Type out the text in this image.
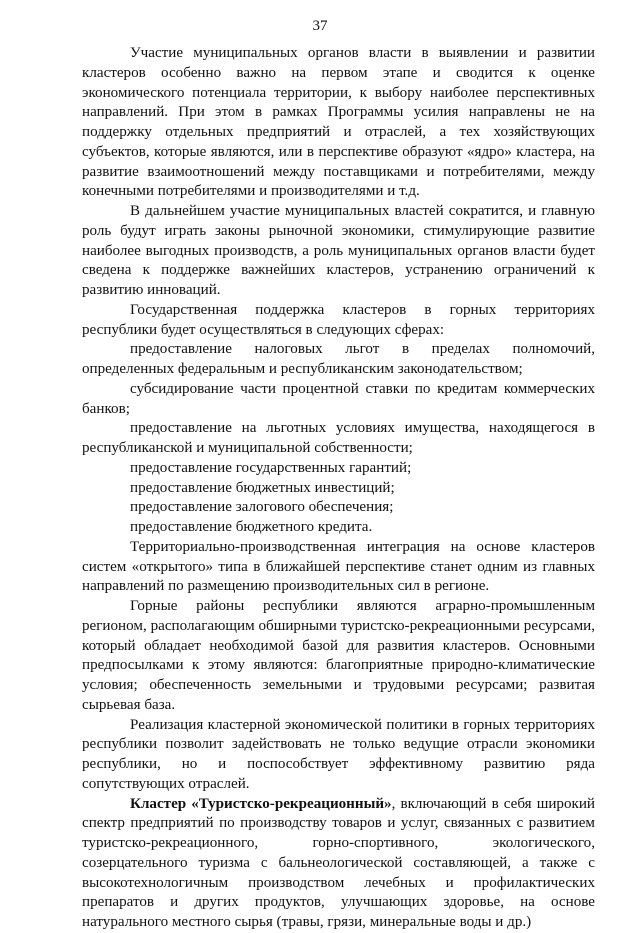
37

Участие муниципальных органов власти в выявлении и развитии кластеров особенно важно на первом этапе и сводится к оценке экономического потенциала территории, к выбору наиболее перспективных направлений. При этом в рамках Программы усилия направлены не на поддержку отдельных предприятий и отраслей, а тех хозяйствующих субъектов, которые являются, или в перспективе образуют «ядро» кластера, на развитие взаимоотношений между поставщиками и потребителями, между конечными потребителями и производителями и т.д.

В дальнейшем участие муниципальных властей сократится, и главную роль будут играть законы рыночной экономики, стимулирующие развитие наиболее выгодных производств, а роль муниципальных органов власти будет сведена к поддержке важнейших кластеров, устранению ограничений к развитию инноваций.

Государственная поддержка кластеров в горных территориях республики будет осуществляться в следующих сферах:

предоставление налоговых льгот в пределах полномочий, определенных федеральным и республиканским законодательством;

субсидирование части процентной ставки по кредитам коммерческих банков;

предоставление на льготных условиях имущества, находящегося в республиканской и муниципальной собственности;

предоставление государственных гарантий;

предоставление бюджетных инвестиций;

предоставление залогового обеспечения;

предоставление бюджетного кредита.

Территориально-производственная интеграция на основе кластеров систем «открытого» типа в ближайшей перспективе станет одним из главных направлений по размещению производительных сил в регионе.

Горные районы республики являются аграрно-промышленным регионом, располагающим обширными туристско-рекреационными ресурсами, который обладает необходимой базой для развития кластеров. Основными предпосылками к этому являются: благоприятные природно-климатические условия; обеспеченность земельными и трудовыми ресурсами; развитая сырьевая база.

Реализация кластерной экономической политики в горных территориях республики позволит задействовать не только ведущие отрасли экономики республики, но и поспособствует эффективному развитию ряда сопутствующих отраслей.

Кластер «Туристско-рекреационный», включающий в себя широкий спектр предприятий по производству товаров и услуг, связанных с развитием туристско-рекреационного, горно-спортивного, экологического, созерцательного туризма с бальнеологической составляющей, а также с высокотехнологичным производством лечебных и профилактических препаратов и других продуктов, улучшающих здоровье, на основе натурального местного сырья (травы, грязи, минеральные воды и др.)
